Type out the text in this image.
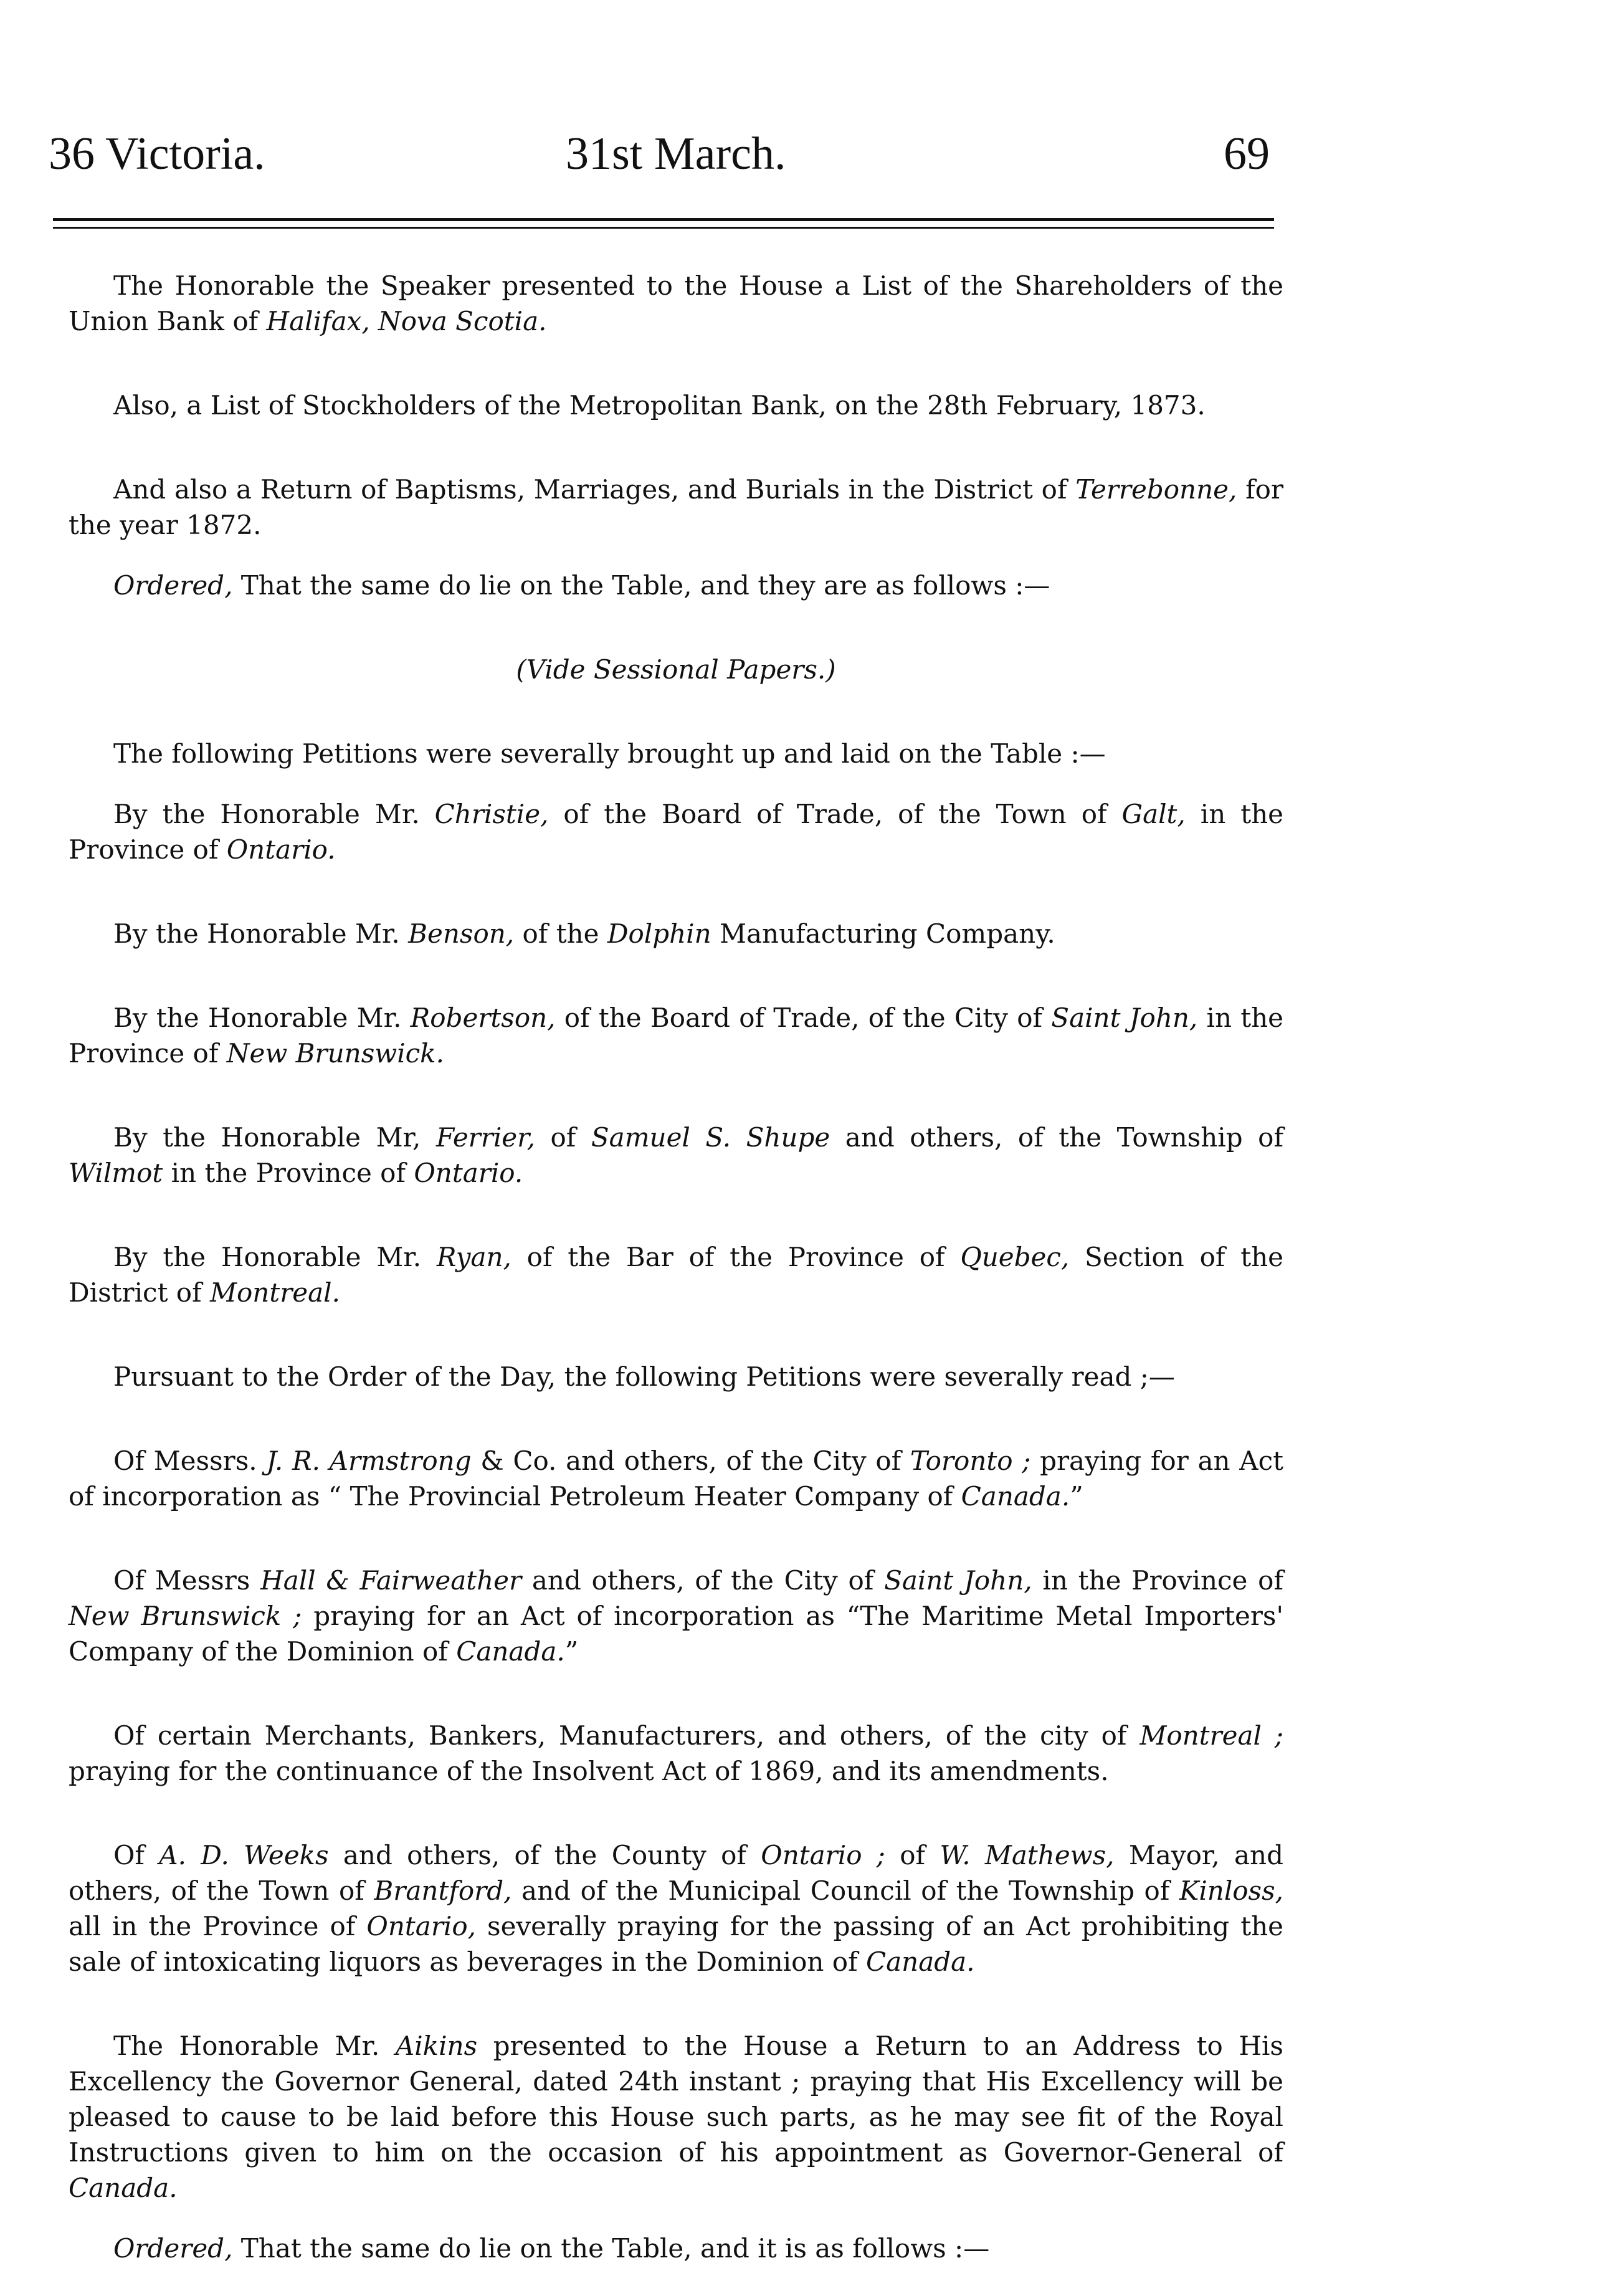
36 Victoria.	31st March.	69

The Honorable the Speaker presented to the House a List of the Shareholders of the Union Bank of Halifax, Nova Scotia.

Also, a List of Stockholders of the Metropolitan Bank, on the 28th February, 1873.

And also a Return of Baptisms, Marriages, and Burials in the District of Terrebonne, for the year 1872.

Ordered, That the same do lie on the Table, and they are as follows :—

(Vide Sessional Papers.)

The following Petitions were severally brought up and laid on the Table :—

By the Honorable Mr. Christie, of the Board of Trade, of the Town of Galt, in the Province of Ontario.

By the Honorable Mr. Benson, of the Dolphin Manufacturing Company.

By the Honorable Mr. Robertson, of the Board of Trade, of the City of Saint John, in the Province of New Brunswick.

By the Honorable Mr, Ferrier, of Samuel S. Shupe and others, of the Township of Wilmot in the Province of Ontario.

By the Honorable Mr. Ryan, of the Bar of the Province of Quebec, Section of the District of Montreal.

Pursuant to the Order of the Day, the following Petitions were severally read ;—

Of Messrs. J. R. Armstrong & Co. and others, of the City of Toronto ; praying for an Act of incorporation as “ The Provincial Petroleum Heater Company of Canada.”

Of Messrs Hall & Fairweather and others, of the City of Saint John, in the Province of New Brunswick ; praying for an Act of incorporation as “The Maritime Metal Importers' Company of the Dominion of Canada.”

Of certain Merchants, Bankers, Manufacturers, and others, of the city of Montreal ; praying for the continuance of the Insolvent Act of 1869, and its amendments.

Of A. D. Weeks and others, of the County of Ontario ; of W. Mathews, Mayor, and others, of the Town of Brantford, and of the Municipal Council of the Township of Kinloss, all in the Province of Ontario, severally praying for the passing of an Act prohibiting the sale of intoxicating liquors as beverages in the Dominion of Canada.

The Honorable Mr. Aikins presented to the House a Return to an Address to His Excellency the Governor General, dated 24th instant ; praying that His Excellency will be pleased to cause to be laid before this House such parts, as he may see fit of the Royal Instructions given to him on the occasion of his appointment as Governor-General of Canada.

Ordered, That the same do lie on the Table, and it is as follows :—
